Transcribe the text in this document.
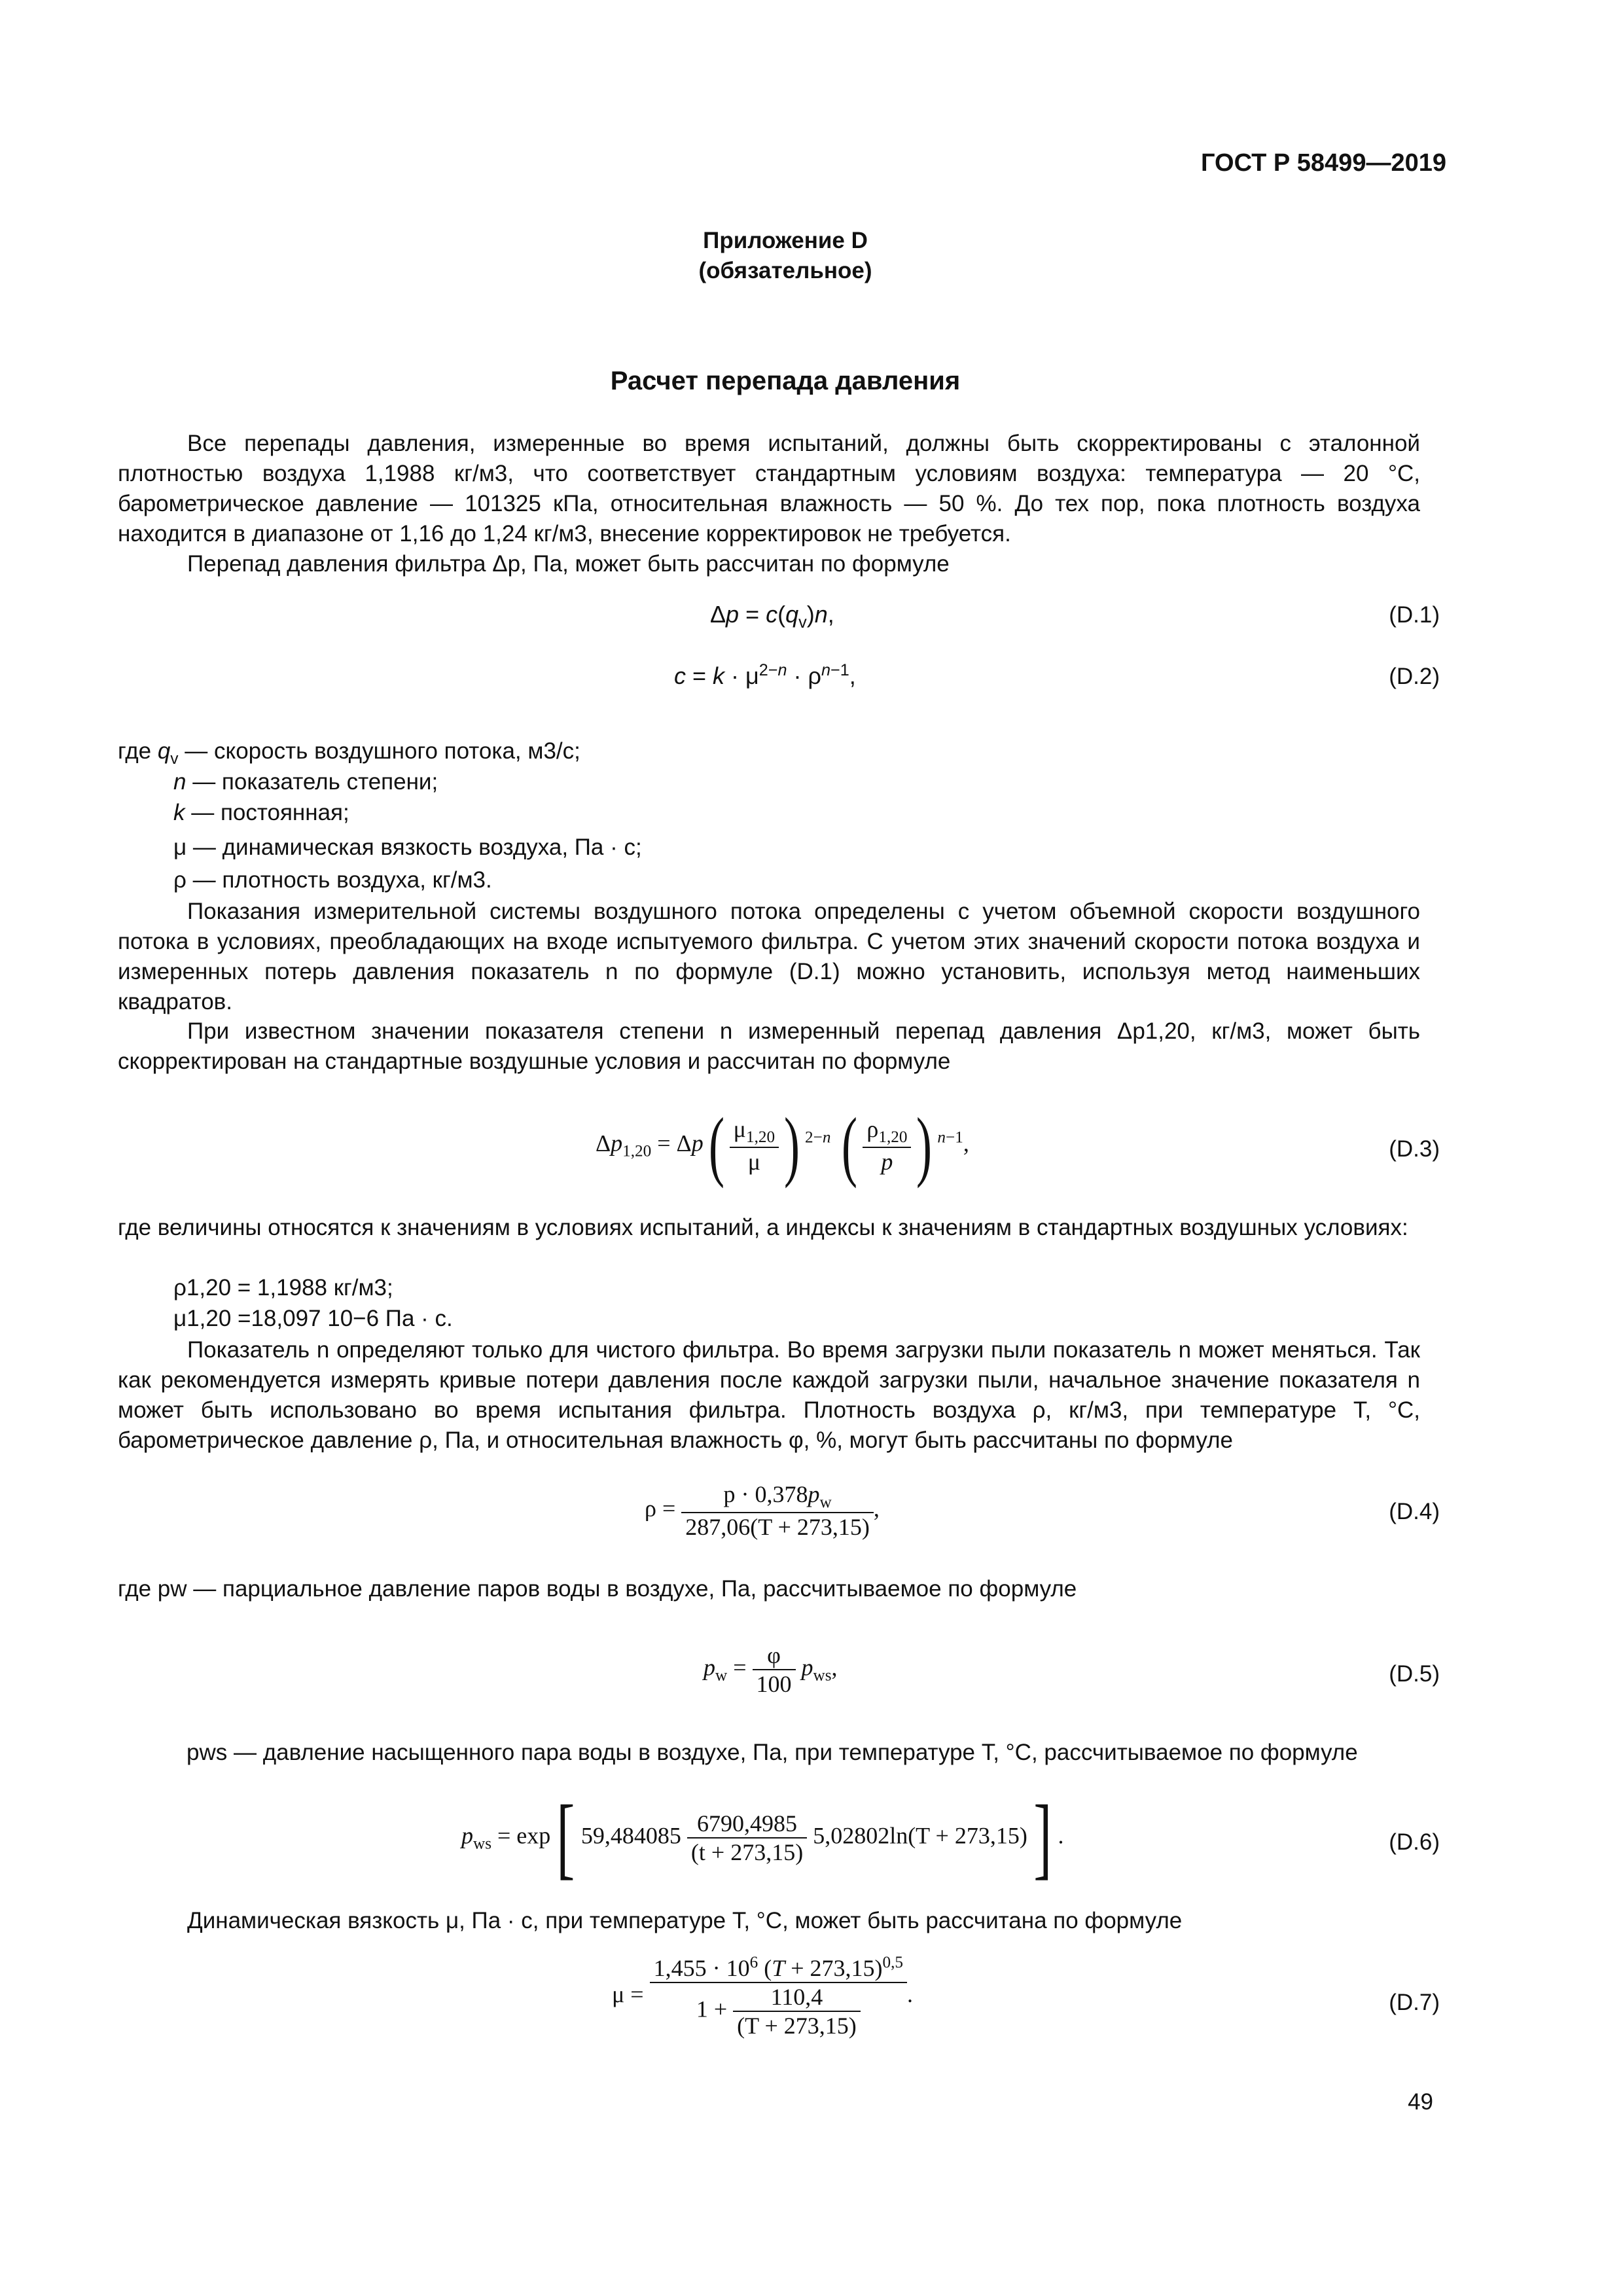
ГОСТ Р 58499—2019
Приложение D
(обязательное)
Расчет перепада давления
Все перепады давления, измеренные во время испытаний, должны быть скорректированы с эталонной плотностью воздуха 1,1988 кг/м3, что соответствует стандартным условиям воздуха: температура — 20 °С, барометрическое давление — 101325 кПа, относительная влажность — 50 %. До тех пор, пока плотность воздуха находится в диапазоне от 1,16 до 1,24 кг/м3, внесение корректировок не требуется.
Перепад давления фильтра Δp, Па, может быть рассчитан по формуле
$\Delta p = c(q_v)n$,	(D.1)
$c = k \cdot \mu^{2-n} \cdot \rho^{n-1}$,	(D.2)
где $q_v$ — скорость воздушного потока, м3/с;
n — показатель степени;
k — постоянная;
μ — динамическая вязкость воздуха, Па · с;
ρ — плотность воздуха, кг/м3.
Показания измерительной системы воздушного потока определены с учетом объемной скорости воздушного потока в условиях, преобладающих на входе испытуемого фильтра. С учетом этих значений скорости потока воздуха и измеренных потерь давления показатель n по формуле (D.1) можно установить, используя метод наименьших квадратов.
При известном значении показателя степени n измеренный перепад давления Δp1,20, кг/м3, может быть скорректирован на стандартные воздушные условия и рассчитан по формуле
$\Delta p_{1,20} = \Delta p( \frac{\mu_{1,20}}{\mu}$ ) $^{2-n}$ ( $\frac{\rho_{1,20}}{p}$ ) $^{n-1}$,	(D.3)
где величины относятся к значениям в условиях испытаний, а индексы к значениям в стандартных воздушных условиях:
ρ1,20 = 1,1988 кг/м3;
μ1,20 =18,097 10−6 Па · с.
Показатель n определяют только для чистого фильтра. Во время загрузки пыли показатель n может меняться. Так как рекомендуется измерять кривые потери давления после каждой загрузки пыли, начальное значение показателя n может быть использовано во время испытания фильтра. Плотность воздуха ρ, кг/м3, при температуре T, °C, барометрическое давление ρ, Па, и относительная влажность φ, %, могут быть рассчитаны по формуле
$\rho = \frac{p \cdot 0,378p_w}{287,06(T + 273,15)}$ ,	(D.4)
где pw — парциальное давление паров воды в воздухе, Па, рассчитываемое по формуле
$p_w = \frac{\varphi}{100} p_{ws}$,	(D.5)
pws — давление насыщенного пара воды в воздухе, Па, при температуре T, °C, рассчитываемое по формуле
$p_{ws} = \exp$[ $59,484085 \frac{6790,4985}{(t + 273,15)} 5,02802\ln(T + 273,15)$] .	(D.6)
Динамическая вязкость μ, Па · с, при температуре T, °C, может быть рассчитана по формуле
$\mu = \frac{1,455 \cdot 10^6 (T + 273,15)^{0,5}}{1 + \frac{110,4}{(T + 273,15)}}$ .	(D.7)
49
